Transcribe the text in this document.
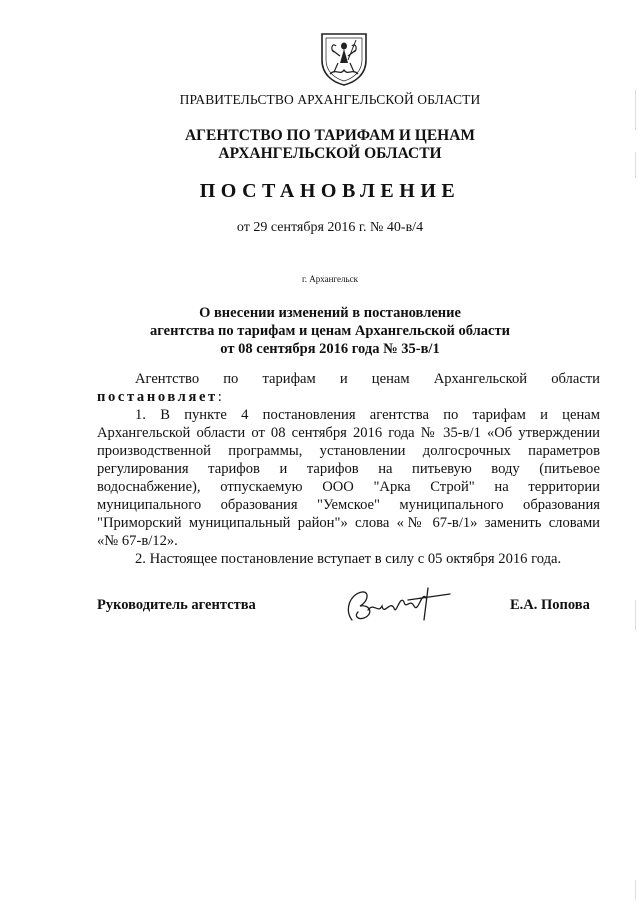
ПРАВИТЕЛЬСТВО АРХАНГЕЛЬСКОЙ ОБЛАСТИ
АГЕНТСТВО ПО ТАРИФАМ И ЦЕНАМ
АРХАНГЕЛЬСКОЙ ОБЛАСТИ
ПОСТАНОВЛЕНИЕ
от 29 сентября 2016 г. № 40-в/4
г. Архангельск
О внесении изменений в постановление
агентства по тарифам и ценам Архангельской области
от 08 сентября 2016 года № 35-в/1
Агентство по тарифам и ценам Архангельской области
постановляет:
1. В пункте 4 постановления агентства по тарифам и ценам
Архангельской области от 08 сентября 2016 года № 35-в/1 «Об утверждении
производственной программы, установлении долгосрочных параметров
регулирования тарифов и тарифов на питьевую воду (питьевое
водоснабжение), отпускаемую ООО "Арка Строй" на территории
муниципального образования "Уемское" муниципального образования
"Приморский муниципальный район"» слова «№ 67-в/1» заменить словами
«№ 67-в/12».
2. Настоящее постановление вступает в силу с 05 октября 2016 года.
Руководитель агентства	Е.А. Попова
